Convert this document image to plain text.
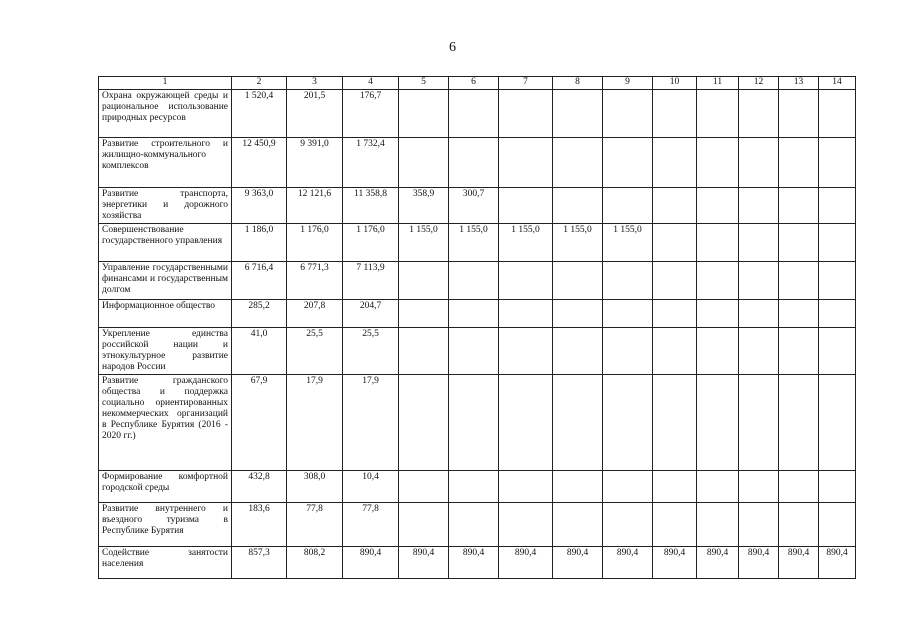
6
1	2	3	4	5	6	7	8	9	10	11	12	13	14
Охрана окружающей среды и рациональное использование природных ресурсов	1 520,4	201,5	176,7										
Развитие строительного и жилищно-коммунального комплексов	12 450,9	9 391,0	1 732,4										
Развитие транспорта, энергетики и дорожного хозяйства	9 363,0	12 121,6	11 358,8	358,9	300,7								
Совершенствование государственного управления	1 186,0	1 176,0	1 176,0	1 155,0	1 155,0	1 155,0	1 155,0	1 155,0					
Управление государственными финансами и государственным долгом	6 716,4	6 771,3	7 113,9										
Информационное общество	285,2	207,8	204,7										
Укрепление единства российской нации и этнокультурное развитие народов России	41,0	25,5	25,5										
Развитие гражданского общества и поддержка социально ориентированных некоммерческих организаций в Республике Бурятия (2016 - 2020 гг.)	67,9	17,9	17,9										
Формирование комфортной городской среды	432,8	308,0	10,4										
Развитие внутреннего и въездного туризма в Республике Бурятия	183,6	77,8	77,8										
Содействие занятости населения	857,3	808,2	890,4	890,4	890,4	890,4	890,4	890,4	890,4	890,4	890,4	890,4	890,4
